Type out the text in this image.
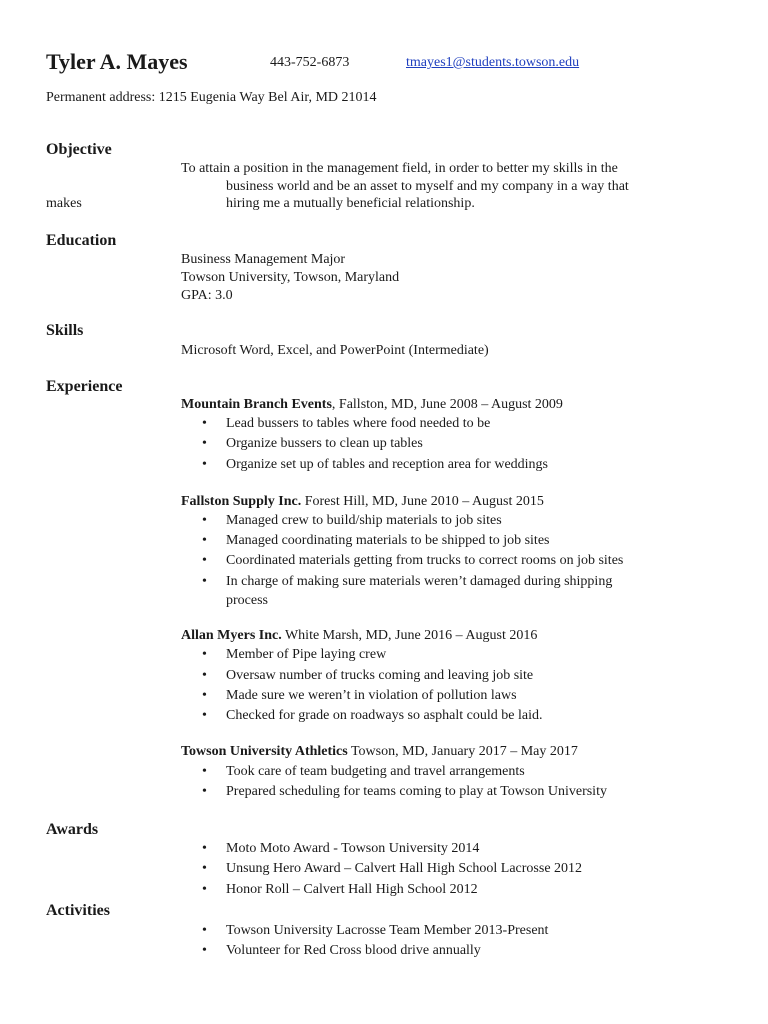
Tyler A. Mayes	443-752-6873	tmayes1@students.towson.edu
Permanent address: 1215 Eugenia Way Bel Air, MD 21014
Objective
To attain a position in the management field, in order to better my skills in the
business world and be an asset to myself and my company in a way that
makes	hiring me a mutually beneficial relationship.
Education
Business Management Major
Towson University, Towson, Maryland
GPA: 3.0
Skills
Microsoft Word, Excel, and PowerPoint (Intermediate)
Experience
Mountain Branch Events, Fallston, MD, June 2008 – August 2009
• Lead bussers to tables where food needed to be
• Organize bussers to clean up tables
• Organize set up of tables and reception area for weddings
Fallston Supply Inc. Forest Hill, MD, June 2010 – August 2015
• Managed crew to build/ship materials to job sites
• Managed coordinating materials to be shipped to job sites
• Coordinated materials getting from trucks to correct rooms on job sites
• In charge of making sure materials weren’t damaged during shipping
process
Allan Myers Inc. White Marsh, MD, June 2016 – August 2016
• Member of Pipe laying crew
• Oversaw number of trucks coming and leaving job site
• Made sure we weren’t in violation of pollution laws
• Checked for grade on roadways so asphalt could be laid.
Towson University Athletics Towson, MD, January 2017 – May 2017
• Took care of team budgeting and travel arrangements
• Prepared scheduling for teams coming to play at Towson University
Awards
• Moto Moto Award - Towson University 2014
• Unsung Hero Award – Calvert Hall High School Lacrosse 2012
• Honor Roll – Calvert Hall High School 2012
Activities
• Towson University Lacrosse Team Member 2013-Present
• Volunteer for Red Cross blood drive annually
